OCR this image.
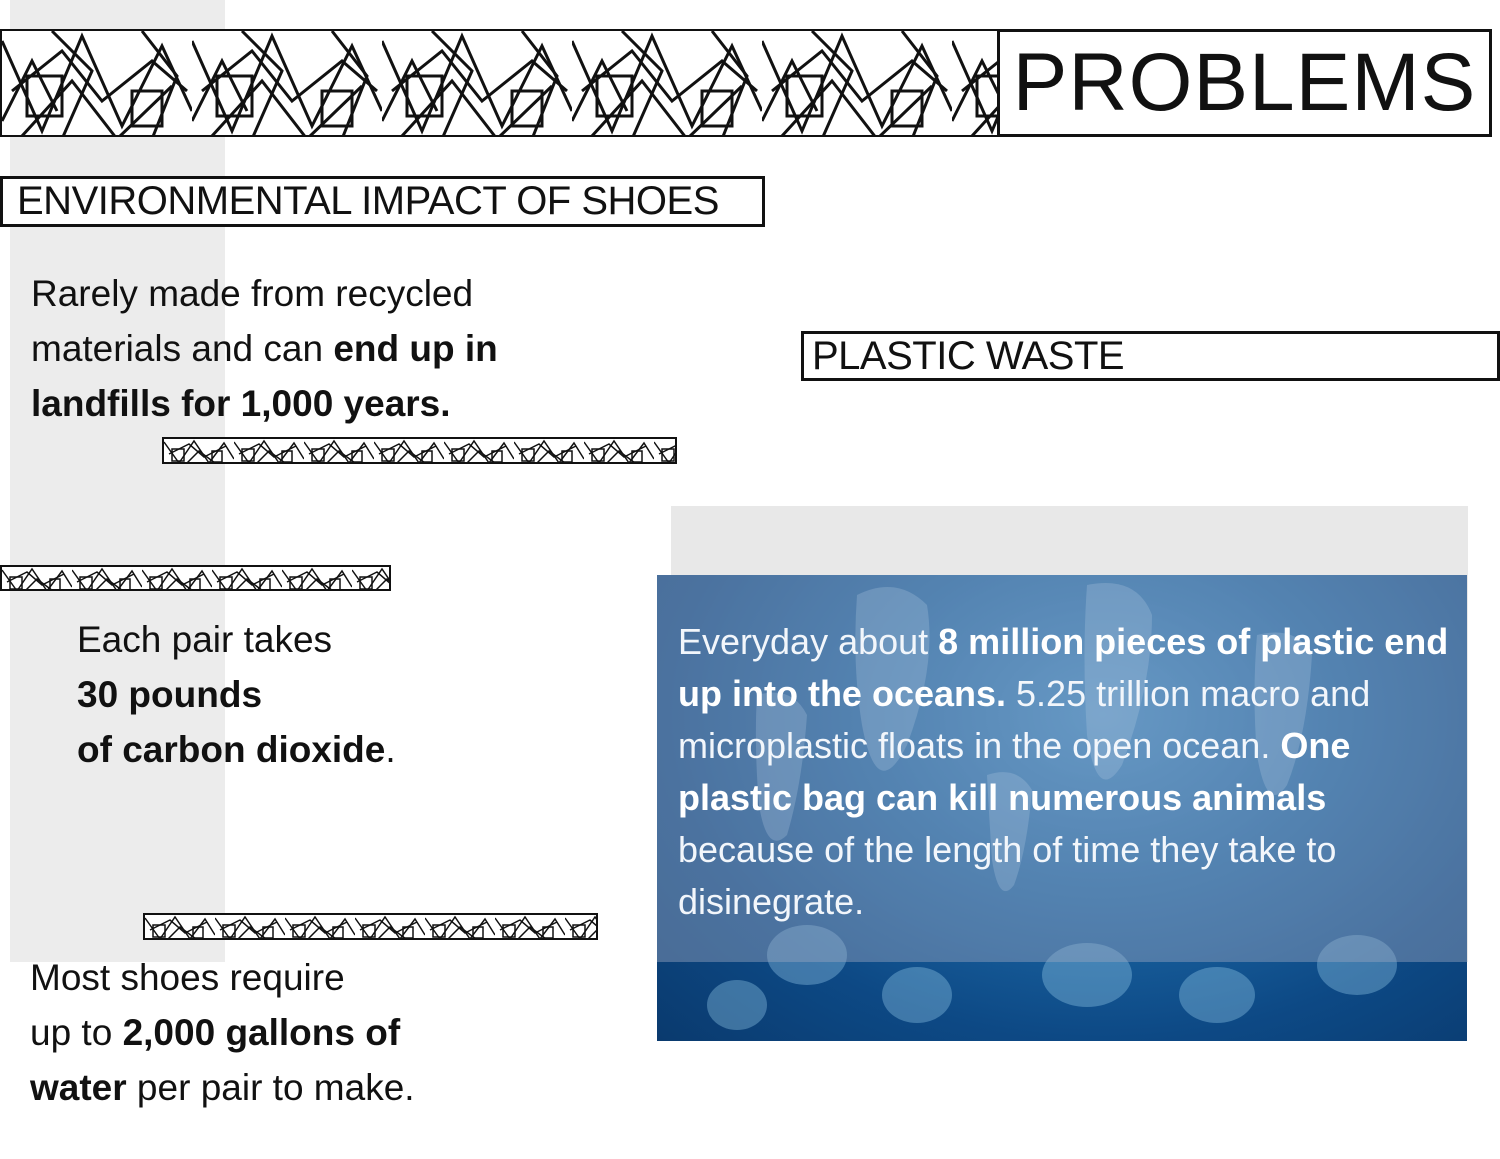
PROBLEMS
ENVIRONMENTAL IMPACT OF SHOES
PLASTIC WASTE
Rarely made from recycled
materials and can end up in
landfills for 1,000 years.
Each pair takes
30 pounds
of carbon dioxide.
Most shoes require
up to 2,000 gallons of
water per pair to make.
Everyday about 8 million pieces of plastic end up into the oceans. 5.25 trillion macro and microplastic floats in the open ocean. One plastic bag can kill numerous animals because of the length of time they take to disinegrate.
